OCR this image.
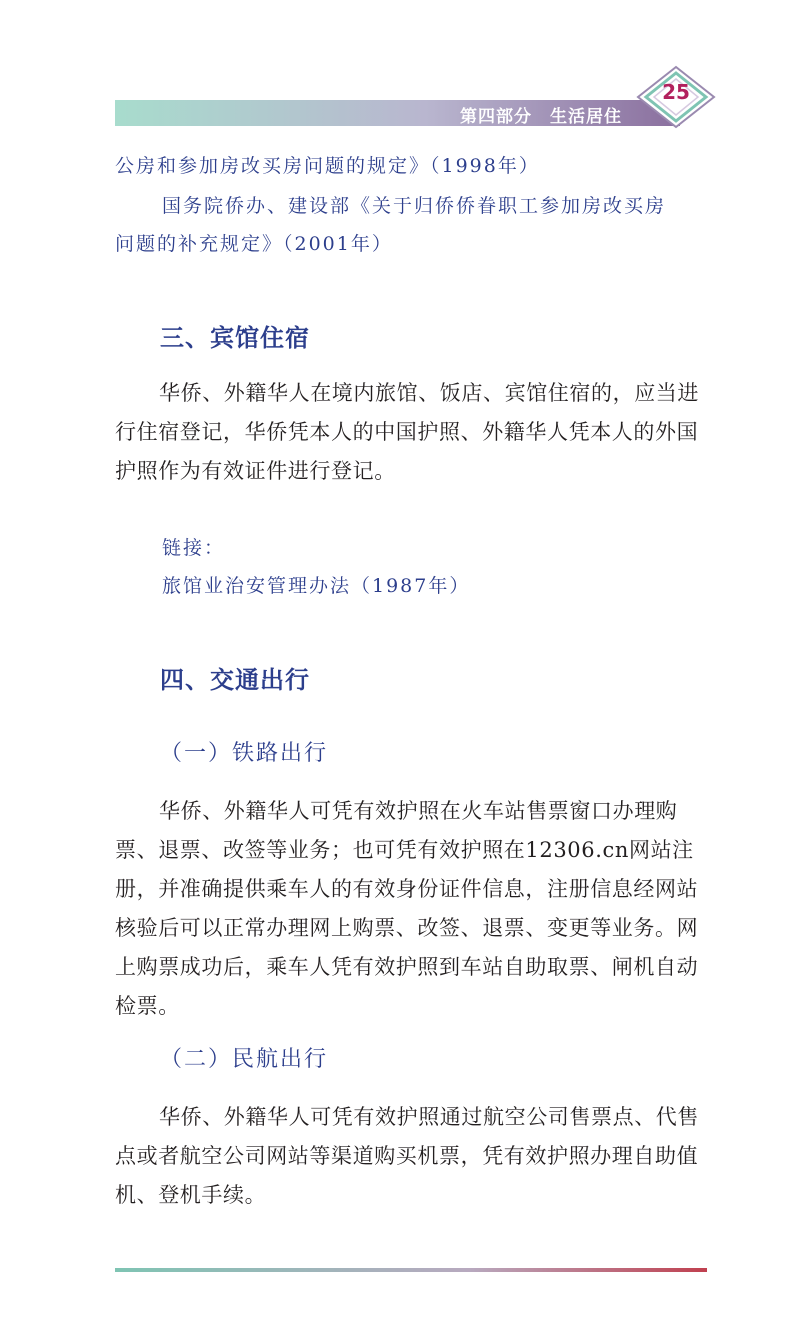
第四部分　生活居住
25
公房和参加房改买房问题的规定》（1998年）
国务院侨办、建设部《关于归侨侨眷职工参加房改买房
问题的补充规定》（2001年）
三、宾馆住宿
华侨、外籍华人在境内旅馆、饭店、宾馆住宿的，应当进行住宿登记，华侨凭本人的中国护照、外籍华人凭本人的外国护照作为有效证件进行登记。
链接：
旅馆业治安管理办法（1987年）
四、交通出行
（一）铁路出行
华侨、外籍华人可凭有效护照在火车站售票窗口办理购票、退票、改签等业务；也可凭有效护照在12306.cn网站注册，并准确提供乘车人的有效身份证件信息，注册信息经网站核验后可以正常办理网上购票、改签、退票、变更等业务。网上购票成功后，乘车人凭有效护照到车站自助取票、闸机自动检票。
（二）民航出行
华侨、外籍华人可凭有效护照通过航空公司售票点、代售点或者航空公司网站等渠道购买机票，凭有效护照办理自助值机、登机手续。
